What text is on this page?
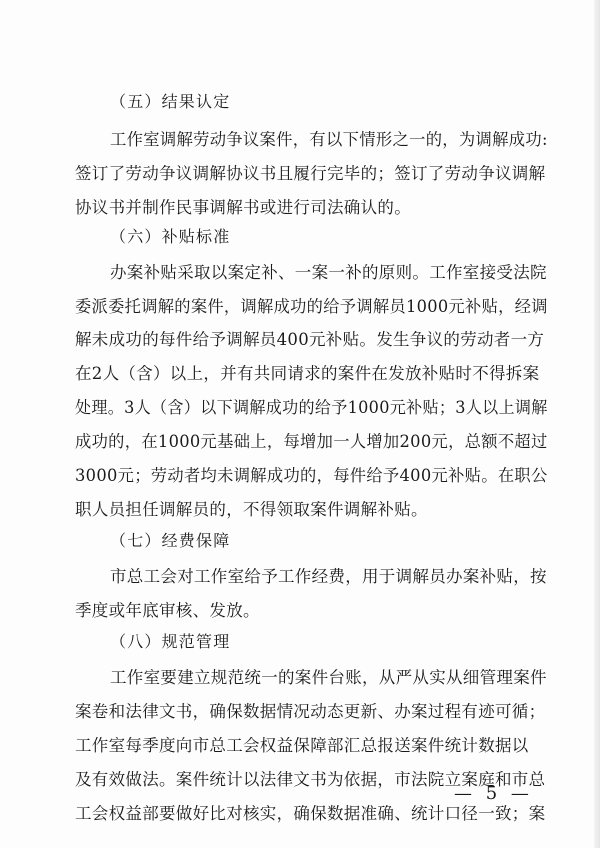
（五）结果认定
工作室调解劳动争议案件，有以下情形之一的，为调解成功:
签订了劳动争议调解协议书且履行完毕的；签订了劳动争议调解
协议书并制作民事调解书或进行司法确认的。
（六）补贴标准
办案补贴采取以案定补、一案一补的原则。工作室接受法院
委派委托调解的案件，调解成功的给予调解员1000元补贴，经调
解未成功的每件给予调解员400元补贴。发生争议的劳动者一方
在2人（含）以上，并有共同请求的案件在发放补贴时不得拆案
处理。3人（含）以下调解成功的给予1000元补贴；3人以上调解
成功的，在1000元基础上，每增加一人增加200元，总额不超过
3000元；劳动者均未调解成功的，每件给予400元补贴。在职公
职人员担任调解员的，不得领取案件调解补贴。
（七）经费保障
市总工会对工作室给予工作经费，用于调解员办案补贴，按
季度或年底审核、发放。
（八）规范管理
工作室要建立规范统一的案件台账，从严从实从细管理案件
案卷和法律文书，确保数据情况动态更新、办案过程有迹可循；
工作室每季度向市总工会权益保障部汇总报送案件统计数据以
及有效做法。案件统计以法律文书为依据，市法院立案庭和市总
工会权益部要做好比对核实，确保数据准确、统计口径一致；案
— 5 —
